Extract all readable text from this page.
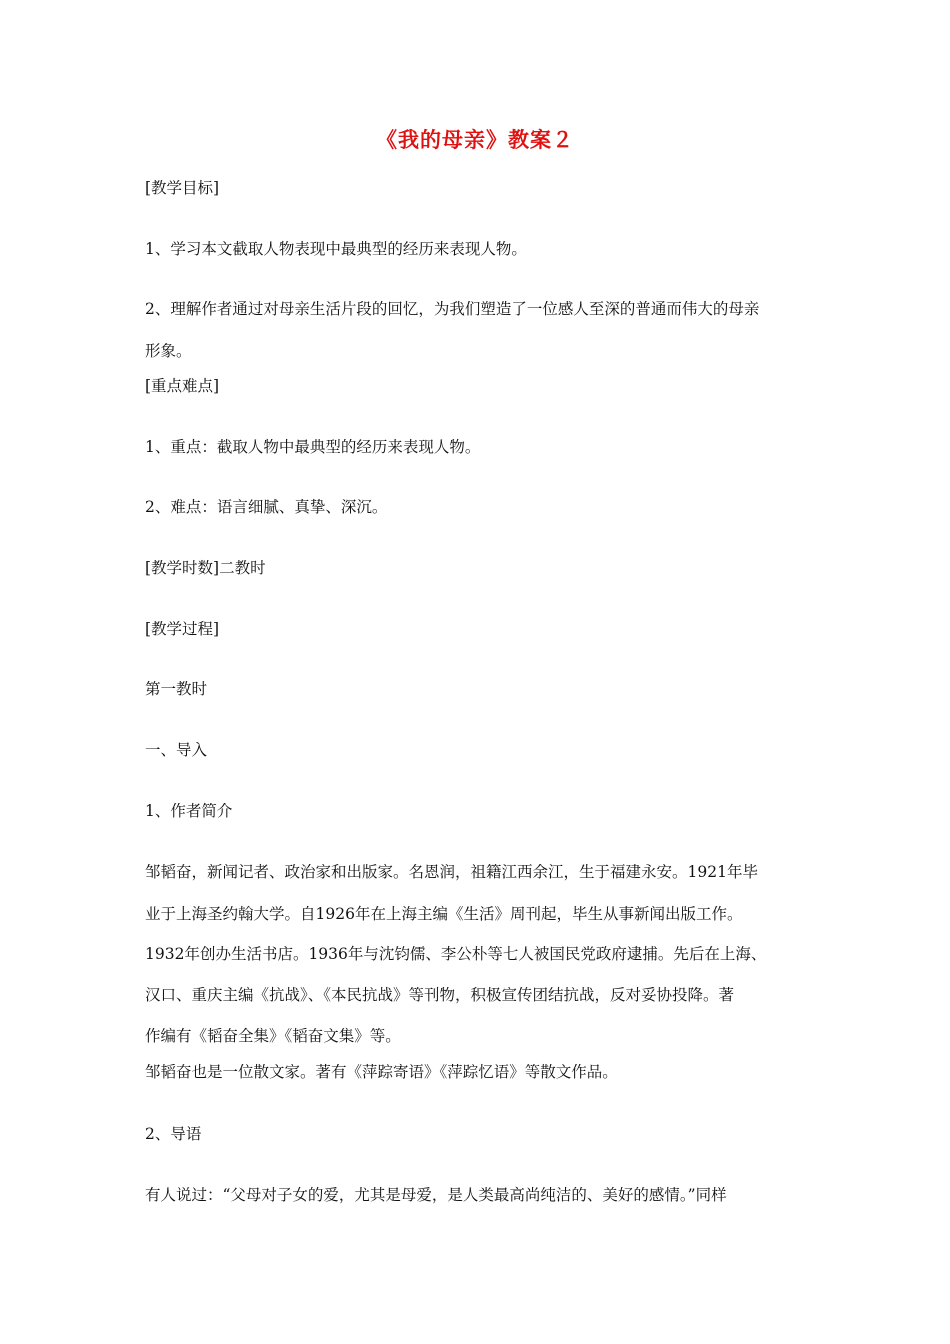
《我的母亲》教案２
[教学目标]
1、学习本文截取人物表现中最典型的经历来表现人物。
2、理解作者通过对母亲生活片段的回忆，为我们塑造了一位感人至深的普通而伟大的母亲
形象。
[重点难点]
1、重点：截取人物中最典型的经历来表现人物。
2、难点：语言细腻、真挚、深沉。
[教学时数]二教时
[教学过程]
第一教时
一、导入
1、作者简介
邹韬奋，新闻记者、政治家和出版家。名恩润，祖籍江西余江，生于福建永安。1921年毕
业于上海圣约翰大学。自1926年在上海主编《生活》周刊起，毕生从事新闻出版工作。
1932年创办生活书店。1936年与沈钧儒、李公朴等七人被国民党政府逮捕。先后在上海、
汉口、重庆主编《抗战》、《本民抗战》等刊物，积极宣传团结抗战，反对妥协投降。著
作编有《韬奋全集》《韬奋文集》等。
邹韬奋也是一位散文家。著有《萍踪寄语》《萍踪忆语》等散文作品。
2、导语
有人说过：“父母对子女的爱，尤其是母爱，是人类最高尚纯洁的、美好的感情。”同样
